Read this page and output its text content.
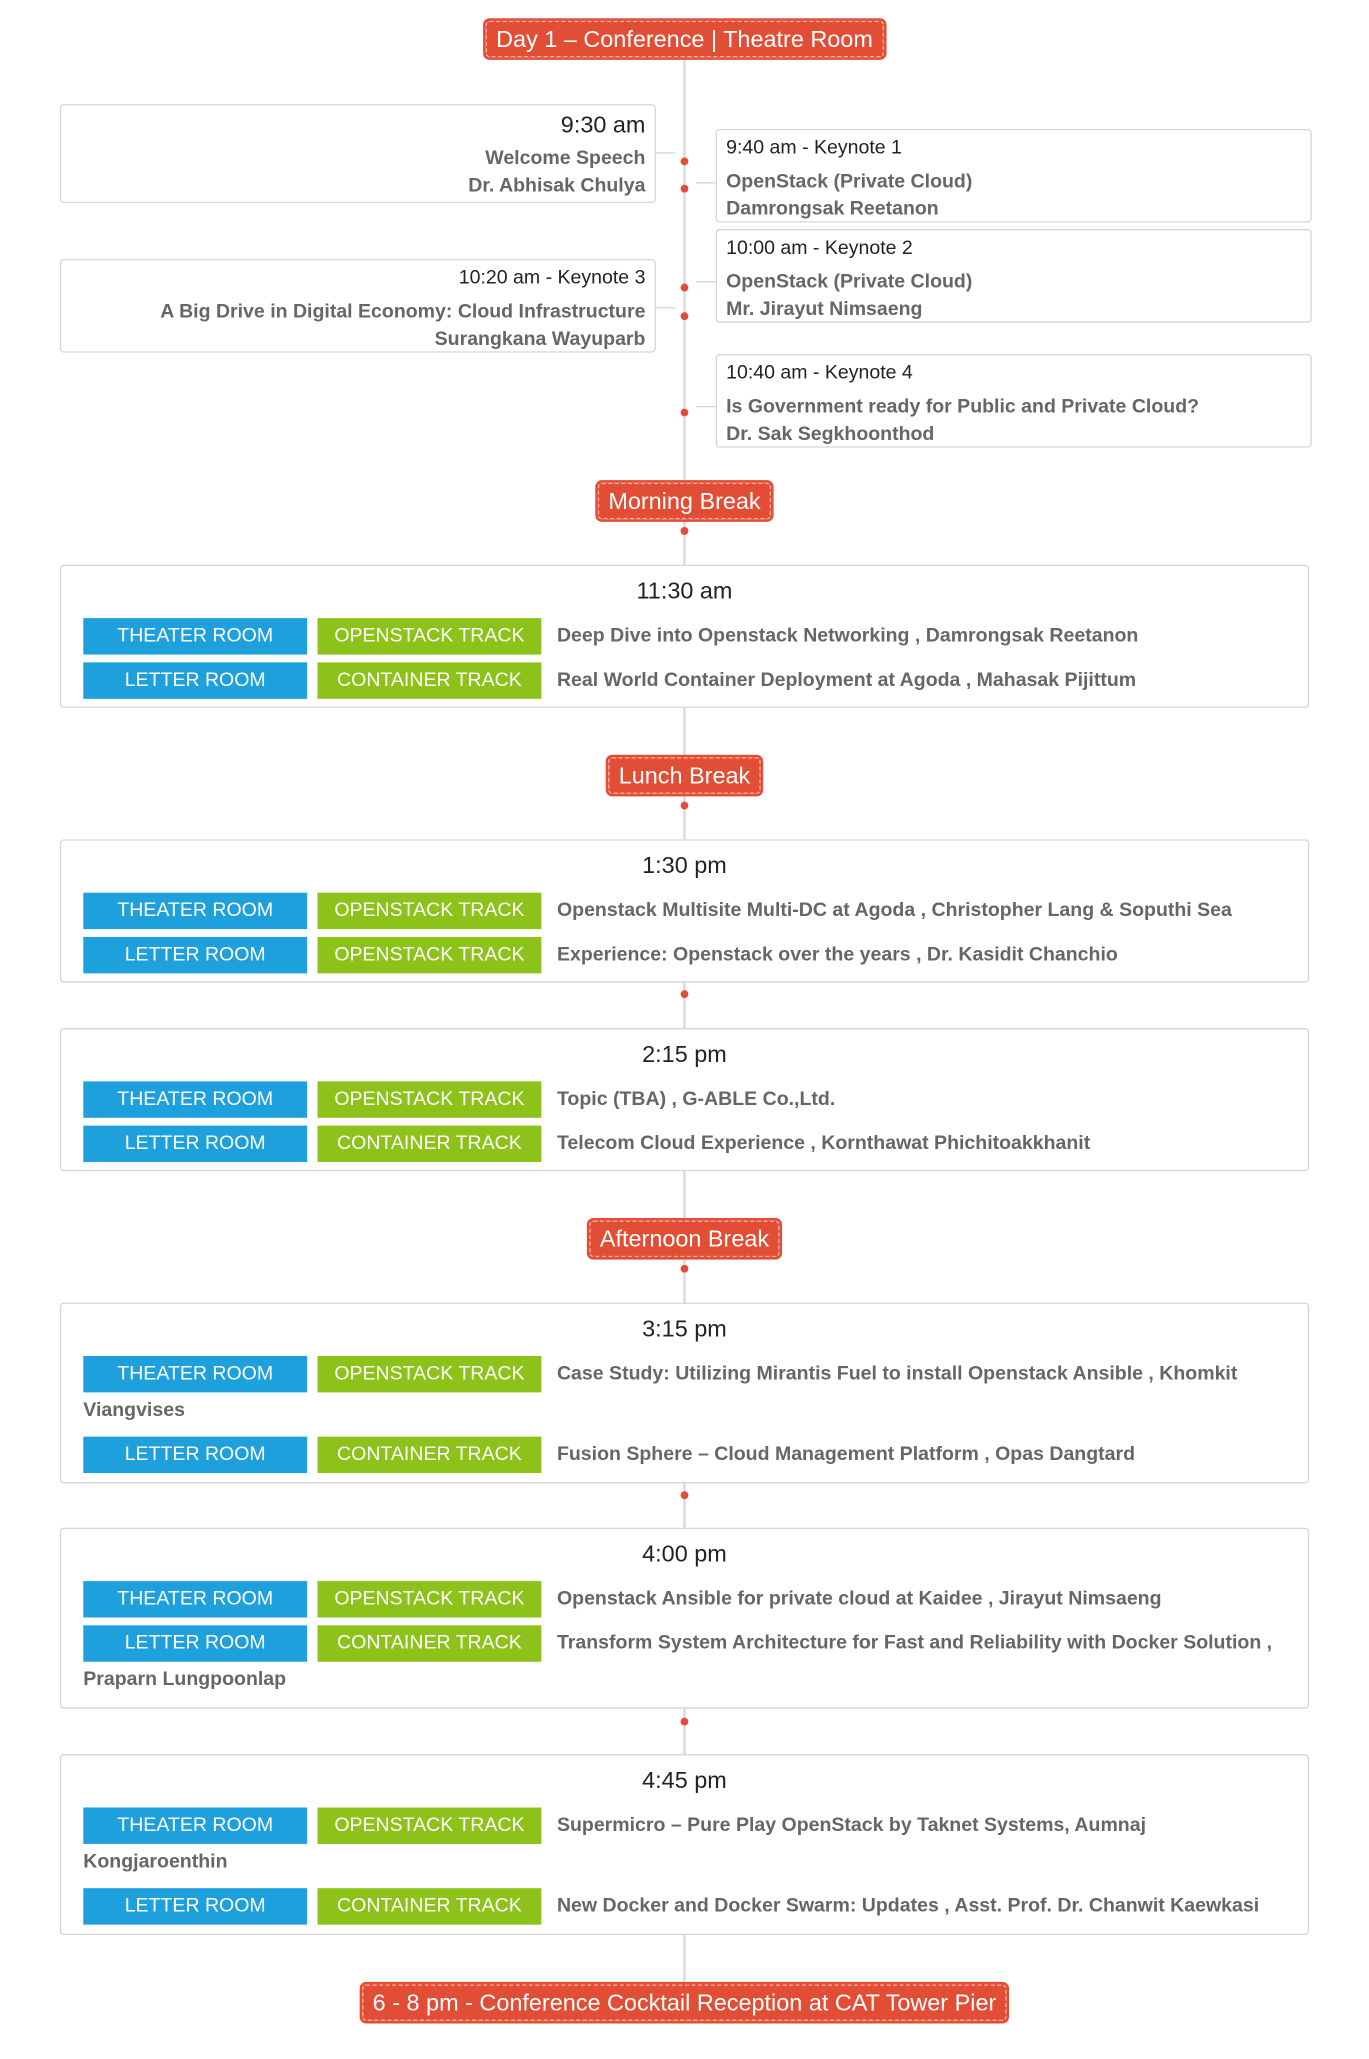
Day 1 – Conference | Theatre Room
9:30 am
Welcome Speech
Dr. Abhisak Chulya
9:40 am - Keynote 1
OpenStack (Private Cloud)
Damrongsak Reetanon
10:00 am - Keynote 2
OpenStack (Private Cloud)
Mr. Jirayut Nimsaeng
10:20 am - Keynote 3
A Big Drive in Digital Economy: Cloud Infrastructure
Surangkana Wayuparb
10:40 am - Keynote 4
Is Government ready for Public and Private Cloud?
Dr. Sak Segkhoonthod
Morning Break
11:30 am
THEATER ROOM	OPENSTACK TRACK Deep Dive into Openstack Networking , Damrongsak Reetanon
LETTER ROOM	CONTAINER TRACK Real World Container Deployment at Agoda , Mahasak Pijittum
Lunch Break
1:30 pm
THEATER ROOM	OPENSTACK TRACK Openstack Multisite Multi-DC at Agoda , Christopher Lang & Soputhi Sea
LETTER ROOM	OPENSTACK TRACK Experience: Openstack over the years , Dr. Kasidit Chanchio
2:15 pm
THEATER ROOM	OPENSTACK TRACK Topic (TBA) , G-ABLE Co.,Ltd.
LETTER ROOM	CONTAINER TRACK Telecom Cloud Experience , Kornthawat Phichitoakkhanit
Afternoon Break
3:15 pm
THEATER ROOM	OPENSTACK TRACK Case Study: Utilizing Mirantis Fuel to install Openstack Ansible , Khomkit Viangvises
LETTER ROOM	CONTAINER TRACK Fusion Sphere – Cloud Management Platform , Opas Dangtard
4:00 pm
THEATER ROOM	OPENSTACK TRACK Openstack Ansible for private cloud at Kaidee , Jirayut Nimsaeng
LETTER ROOM	CONTAINER TRACK Transform System Architecture for Fast and Reliability with Docker Solution , Praparn Lungpoonlap
4:45 pm
THEATER ROOM	OPENSTACK TRACK Supermicro – Pure Play OpenStack by Taknet Systems, Aumnaj Kongjaroenthin
LETTER ROOM	CONTAINER TRACK New Docker and Docker Swarm: Updates , Asst. Prof. Dr. Chanwit Kaewkasi
6 - 8 pm - Conference Cocktail Reception at CAT Tower Pier
